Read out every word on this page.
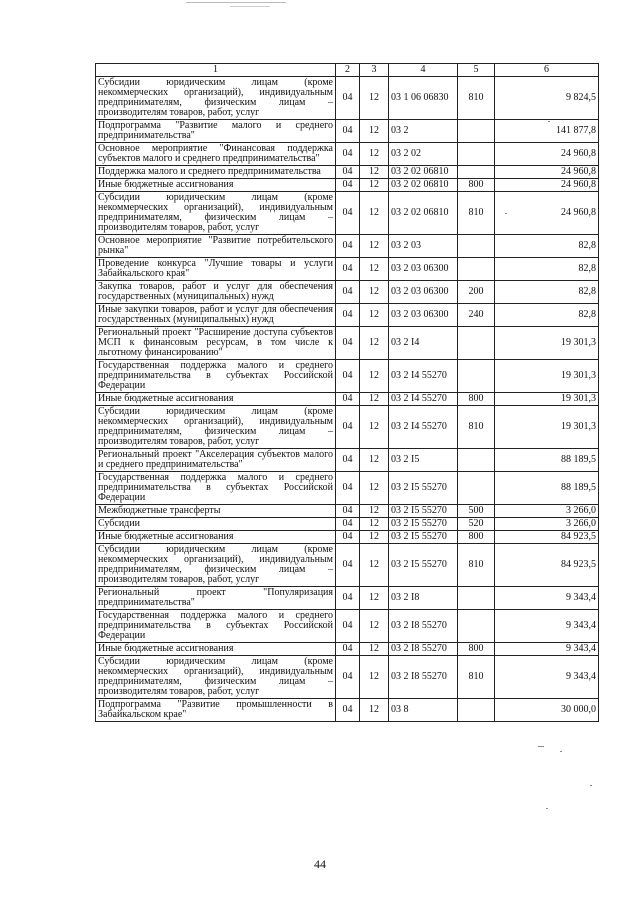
1	2	3	4	5	6
Субсидии юридическим лицам (кроме некоммерческих организаций), индивидуальным предпринимателям, физическим лицам – производителям товаров, работ, услуг	04	12	03 1 06 06830	810	9 824,5
Подпрограмма "Развитие малого и среднего предпринимательства"	04	12	03 2		141 877,8
Основное мероприятие "Финансовая поддержка субъектов малого и среднего предпринимательства"	04	12	03 2 02		24 960,8
Поддержка малого и среднего предпринимательства	04	12	03 2 02 06810		24 960,8
Иные бюджетные ассигнования	04	12	03 2 02 06810	800	24 960,8
Субсидии юридическим лицам (кроме некоммерческих организаций), индивидуальным предпринимателям, физическим лицам – производителям товаров, работ, услуг	04	12	03 2 02 06810	810	24 960,8
Основное мероприятие "Развитие потребительского рынка"	04	12	03 2 03		82,8
Проведение конкурса "Лучшие товары и услуги Забайкальского края"	04	12	03 2 03 06300		82,8
Закупка товаров, работ и услуг для обеспечения государственных (муниципальных) нужд	04	12	03 2 03 06300	200	82,8
Иные закупки товаров, работ и услуг для обеспечения государственных (муниципальных) нужд	04	12	03 2 03 06300	240	82,8
Региональный проект "Расширение доступа субъектов МСП к финансовым ресурсам, в том числе к льготному финансированию"	04	12	03 2 I4		19 301,3
Государственная поддержка малого и среднего предпринимательства в субъектах Российской Федерации	04	12	03 2 I4 55270		19 301,3
Иные бюджетные ассигнования	04	12	03 2 I4 55270	800	19 301,3
Субсидии юридическим лицам (кроме некоммерческих организаций), индивидуальным предпринимателям, физическим лицам – производителям товаров, работ, услуг	04	12	03 2 I4 55270	810	19 301,3
Региональный проект "Акселерация субъектов малого и среднего предпринимательства"	04	12	03 2 I5		88 189,5
Государственная поддержка малого и среднего предпринимательства в субъектах Российской Федерации	04	12	03 2 I5 55270		88 189,5
Межбюджетные трансферты	04	12	03 2 I5 55270	500	3 266,0
Субсидии	04	12	03 2 I5 55270	520	3 266,0
Иные бюджетные ассигнования	04	12	03 2 I5 55270	800	84 923,5
Субсидии юридическим лицам (кроме некоммерческих организаций), индивидуальным предпринимателям, физическим лицам – производителям товаров, работ, услуг	04	12	03 2 I5 55270	810	84 923,5
Региональный проект "Популяризация предпринимательства"	04	12	03 2 I8		9 343,4
Государственная поддержка малого и среднего предпринимательства в субъектах Российской Федерации	04	12	03 2 I8 55270		9 343,4
Иные бюджетные ассигнования	04	12	03 2 I8 55270	800	9 343,4
Субсидии юридическим лицам (кроме некоммерческих организаций), индивидуальным предпринимателям, физическим лицам – производителям товаров, работ, услуг	04	12	03 2 I8 55270	810	9 343,4
Подпрограмма "Развитие промышленности в Забайкальском крае"	04	12	03 8		30 000,0
44
